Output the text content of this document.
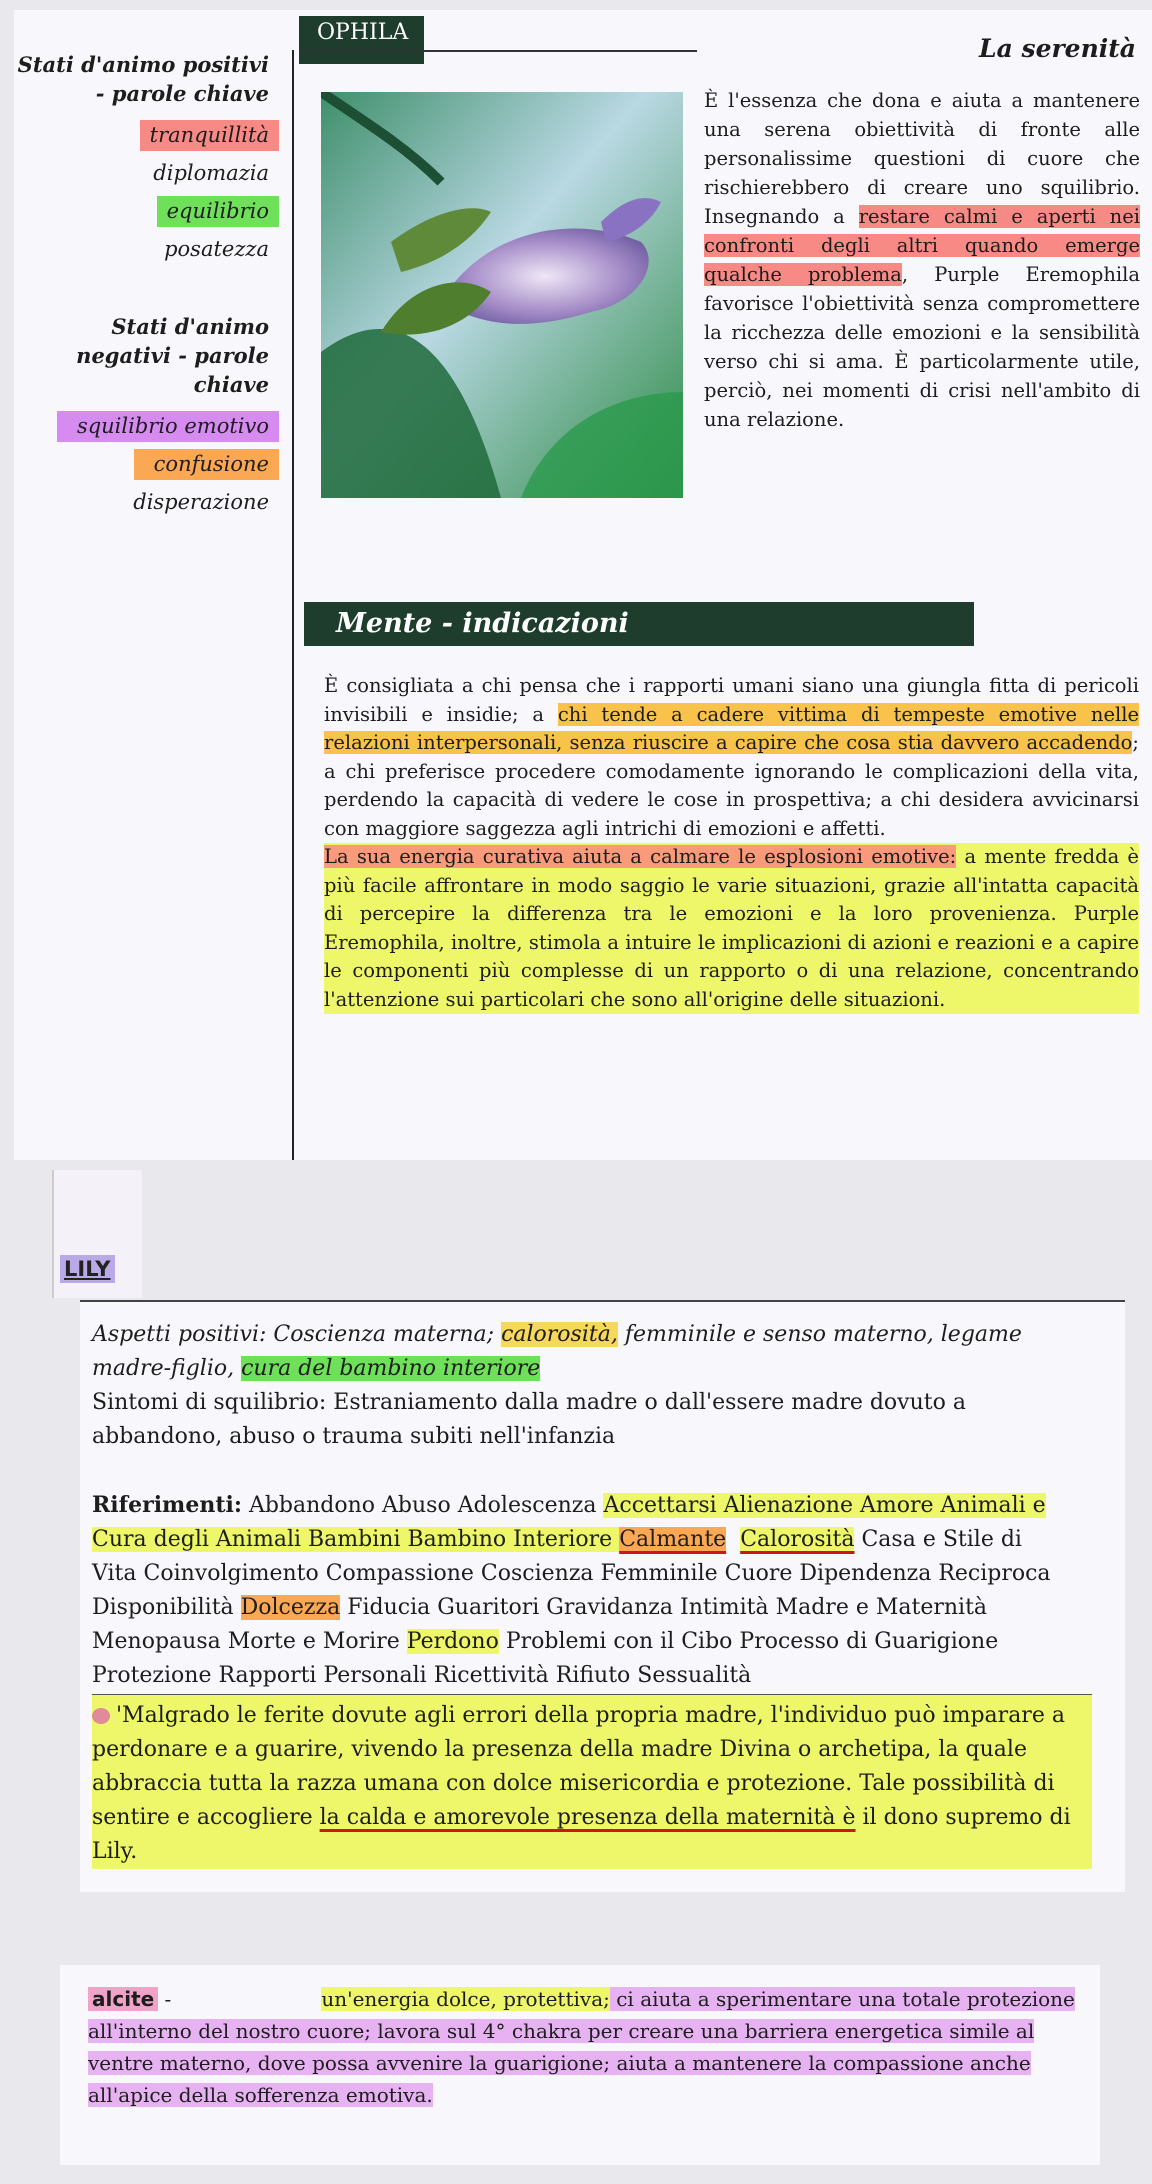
OPHILA
Stati d'animo positivi - parole chiave
tranquillità
diplomazia
equilibrio
posatezza
Stati d'animo negativi - parole chiave
squilibrio emotivo
confusione
disperazione
La serenità
È l'essenza che dona e aiuta a mantenere una serena obiettività di fronte alle personalissime questioni di cuore che rischierebbero di creare uno squilibrio. Insegnando a restare calmi e aperti nei confronti degli altri quando emerge qualche problema, Purple Eremophila favorisce l'obiettività senza compromettere la ricchezza delle emozioni e la sensibilità verso chi si ama. È particolarmente utile, perciò, nei momenti di crisi nell'ambito di una relazione.
Mente - indicazioni

È consigliata a chi pensa che i rapporti umani siano una giungla fitta di pericoli invisibili e insidie; a chi tende a cadere vittima di tempeste emotive nelle relazioni interpersonali, senza riuscire a capire che cosa stia davvero accadendo; a chi preferisce procedere comodamente ignorando le complicazioni della vita, perdendo la capacità di vedere le cose in prospettiva; a chi desidera avvicinarsi con maggiore saggezza agli intrichi di emozioni e affetti.

La sua energia curativa aiuta a calmare le esplosioni emotive: a mente fredda è più facile affrontare in modo saggio le varie situazioni, grazie all'intatta capacità di percepire la differenza tra le emozioni e la loro provenienza. Purple Eremophila, inoltre, stimola a intuire le implicazioni di azioni e reazioni e a capire le componenti più complesse di un rapporto o di una relazione, concentrando l'attenzione sui particolari che sono all'origine delle situazioni.

LILY

Aspetti positivi: Coscienza materna; calorosità, femminile e senso materno, legame madre-figlio, cura del bambino interiore

Sintomi di squilibrio: Estraniamento dalla madre o dall'essere madre dovuto a abbandono, abuso o trauma subiti nell'infanzia

Riferimenti: Abbandono Abuso Adolescenza Accettarsi Alienazione Amore Animali e Cura degli Animali Bambini Bambino Interiore Calmante Calorosità Casa e Stile di Vita Coinvolgimento Compassione Coscienza Femminile Cuore Dipendenza Reciproca Disponibilità Dolcezza Fiducia Guaritori Gravidanza Intimità Madre e Maternità Menopausa Morte e Morire Perdono Problemi con il Cibo Processo di Guarigione Protezione Rapporti Personali Ricettività Rifiuto Sessualità

'Malgrado le ferite dovute agli errori della propria madre, l'individuo può imparare a perdonare e a guarire, vivendo la presenza della madre Divina o archetipa, la quale abbraccia tutta la razza umana con dolce misericordia e protezione. Tale possibilità di sentire e accogliere la calda e amorevole presenza della maternità è il dono supremo di Lily.
alcite -	un'energia dolce, protettiva; ci aiuta a sperimentare una totale protezione all'interno del nostro cuore; lavora sul 4° chakra per creare una barriera energetica simile al ventre materno, dove possa avvenire la guarigione; aiuta a mantenere la compassione anche all'apice della sofferenza emotiva.
